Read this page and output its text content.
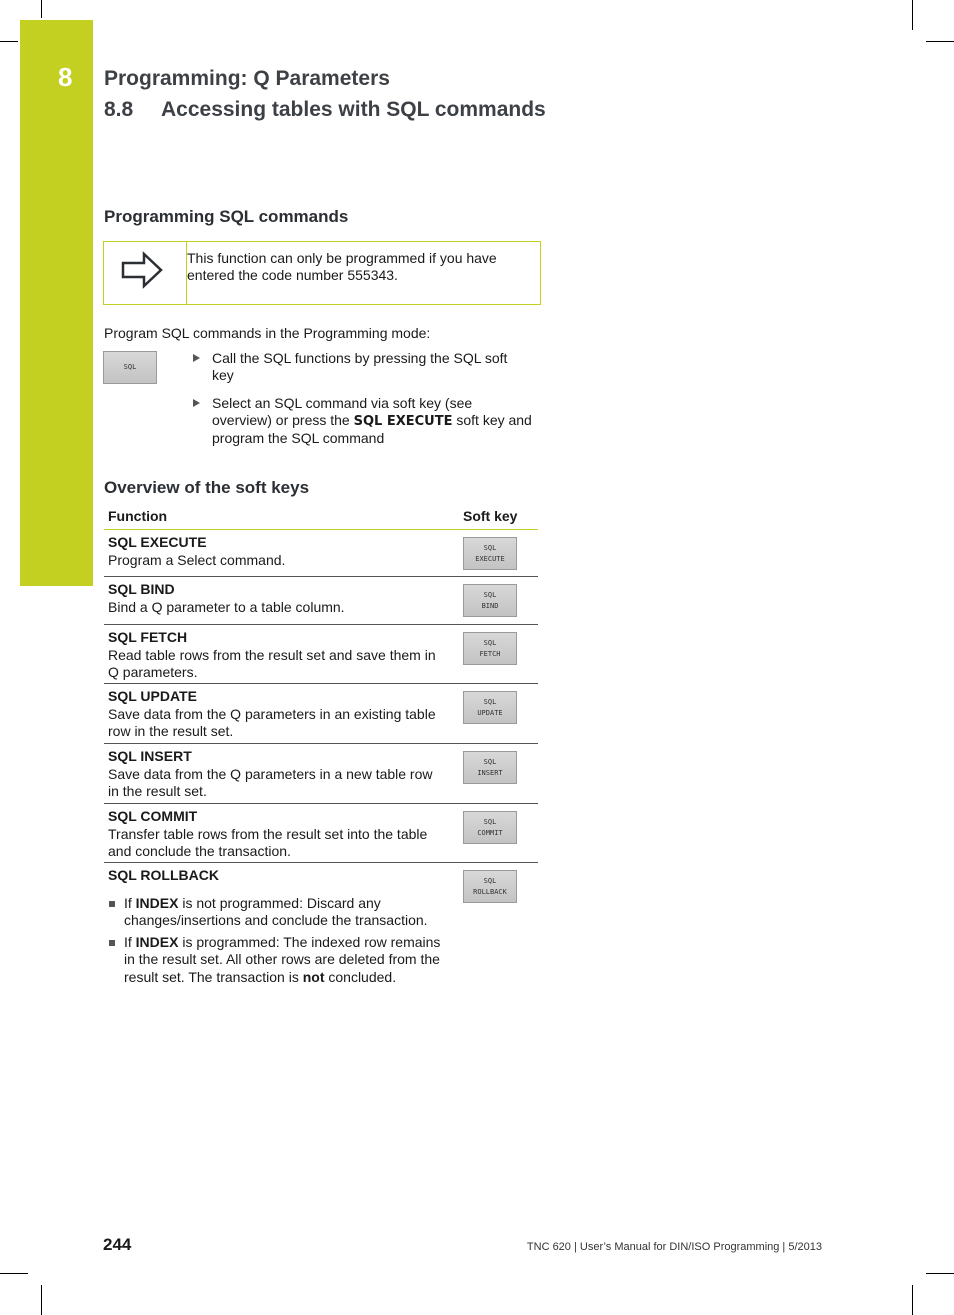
8 Programming: Q Parameters
8.8 Accessing tables with SQL commands
Programming SQL commands
This function can only be programmed if you have entered the code number 555343.
Program SQL commands in the Programming mode:
SQL
Call the SQL functions by pressing the SQL soft key
Select an SQL command via soft key (see overview) or press the SQL EXECUTE soft key and program the SQL command
Overview of the soft keys
Function	Soft key
SQL EXECUTE
Program a Select command.
SQL
EXECUTE
SQL BIND
Bind a Q parameter to a table column.
SQL
BIND
SQL FETCH
Read table rows from the result set and save them in Q parameters.
SQL
FETCH
SQL UPDATE
Save data from the Q parameters in an existing table row in the result set.
SQL
UPDATE
SQL INSERT
Save data from the Q parameters in a new table row in the result set.
SQL
INSERT
SQL COMMIT
Transfer table rows from the result set into the table and conclude the transaction.
SQL
COMMIT
SQL ROLLBACK
If INDEX is not programmed: Discard any changes/insertions and conclude the transaction.
If INDEX is programmed: The indexed row remains in the result set. All other rows are deleted from the result set. The transaction is not concluded.
SQL
ROLLBACK
244	TNC 620 | User’s Manual for DIN/ISO Programming | 5/2013
